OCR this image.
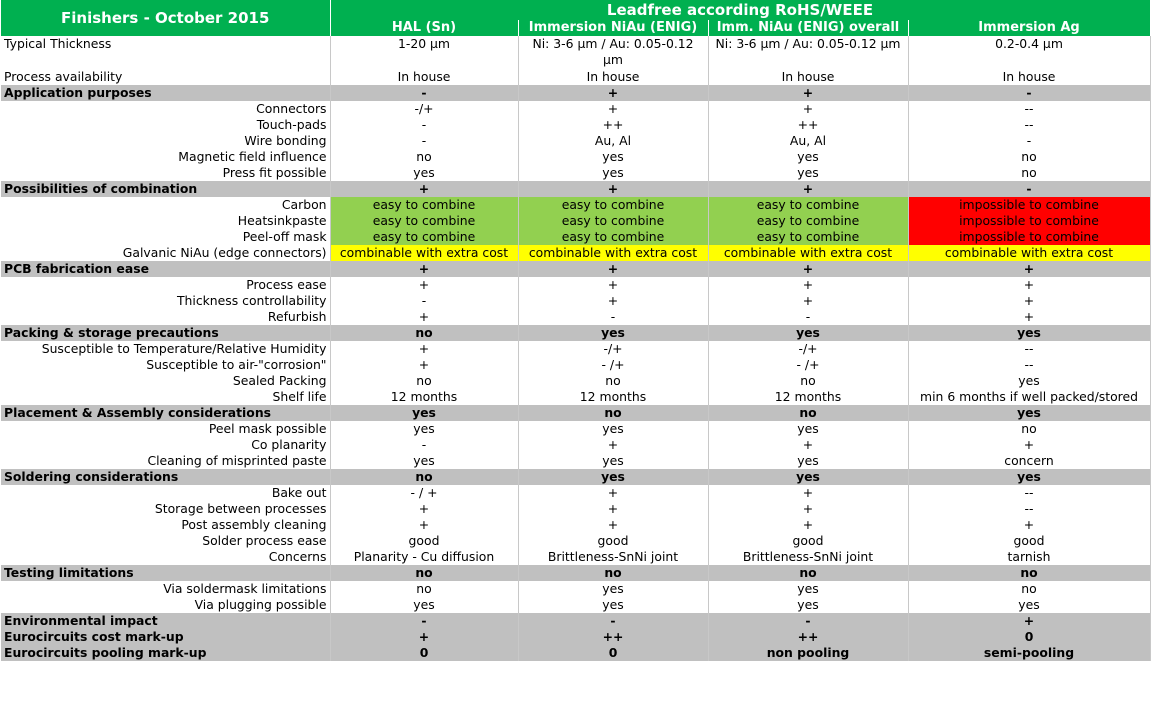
Finishers - October 2015	Leadfree according RoHS/WEEE			
	HAL (Sn)	Immersion NiAu (ENIG)	Imm. NiAu (ENIG) overall	Immersion Ag
Typical Thickness	1-20 µm	Ni: 3-6 µm / Au: 0.05-0.12 µm	Ni: 3-6 µm / Au: 0.05-0.12 µm	0.2-0.4 µm
Process availability	In house	In house	In house	In house
Application purposes	-	+	+	-
Connectors	-/+	+	+	--
Touch-pads	-	++	++	--
Wire bonding	-	Au, Al	Au, Al	-
Magnetic field influence	no	yes	yes	no
Press fit possible	yes	yes	yes	no
Possibilities of combination	+	+	+	-
Carbon	easy to combine	easy to combine	easy to combine	impossible to combine
Heatsinkpaste	easy to combine	easy to combine	easy to combine	impossible to combine
Peel-off mask	easy to combine	easy to combine	easy to combine	impossible to combine
Galvanic NiAu (edge connectors)	combinable with extra cost	combinable with extra cost	combinable with extra cost	combinable with extra cost
PCB fabrication ease	+	+	+	+
Process ease	+	+	+	+
Thickness controllability	-	+	+	+
Refurbish	+	-	-	+
Packing & storage precautions	no	yes	yes	yes
Susceptible to Temperature/Relative Humidity	+	-/+	-/+	--
Susceptible to air-"corrosion"	+	- /+	- /+	--
Sealed Packing	no	no	no	yes
Shelf life	12 months	12 months	12 months	min 6 months if well packed/stored
Placement & Assembly considerations	yes	no	no	yes
Peel mask possible	yes	yes	yes	no
Co planarity	-	+	+	+
Cleaning of misprinted paste	yes	yes	yes	concern
Soldering considerations	no	yes	yes	yes
Bake out	- / +	+	+	--
Storage between processes	+	+	+	--
Post assembly cleaning	+	+	+	+
Solder process ease	good	good	good	good
Concerns	Planarity - Cu diffusion	Brittleness-SnNi joint	Brittleness-SnNi joint	tarnish
Testing limitations	no	no	no	no
Via soldermask limitations	no	yes	yes	no
Via plugging possible	yes	yes	yes	yes
Environmental impact	-	-	-	+
Eurocircuits cost mark-up	+	++	++	0
Eurocircuits pooling mark-up	0	0	non pooling	semi-pooling
